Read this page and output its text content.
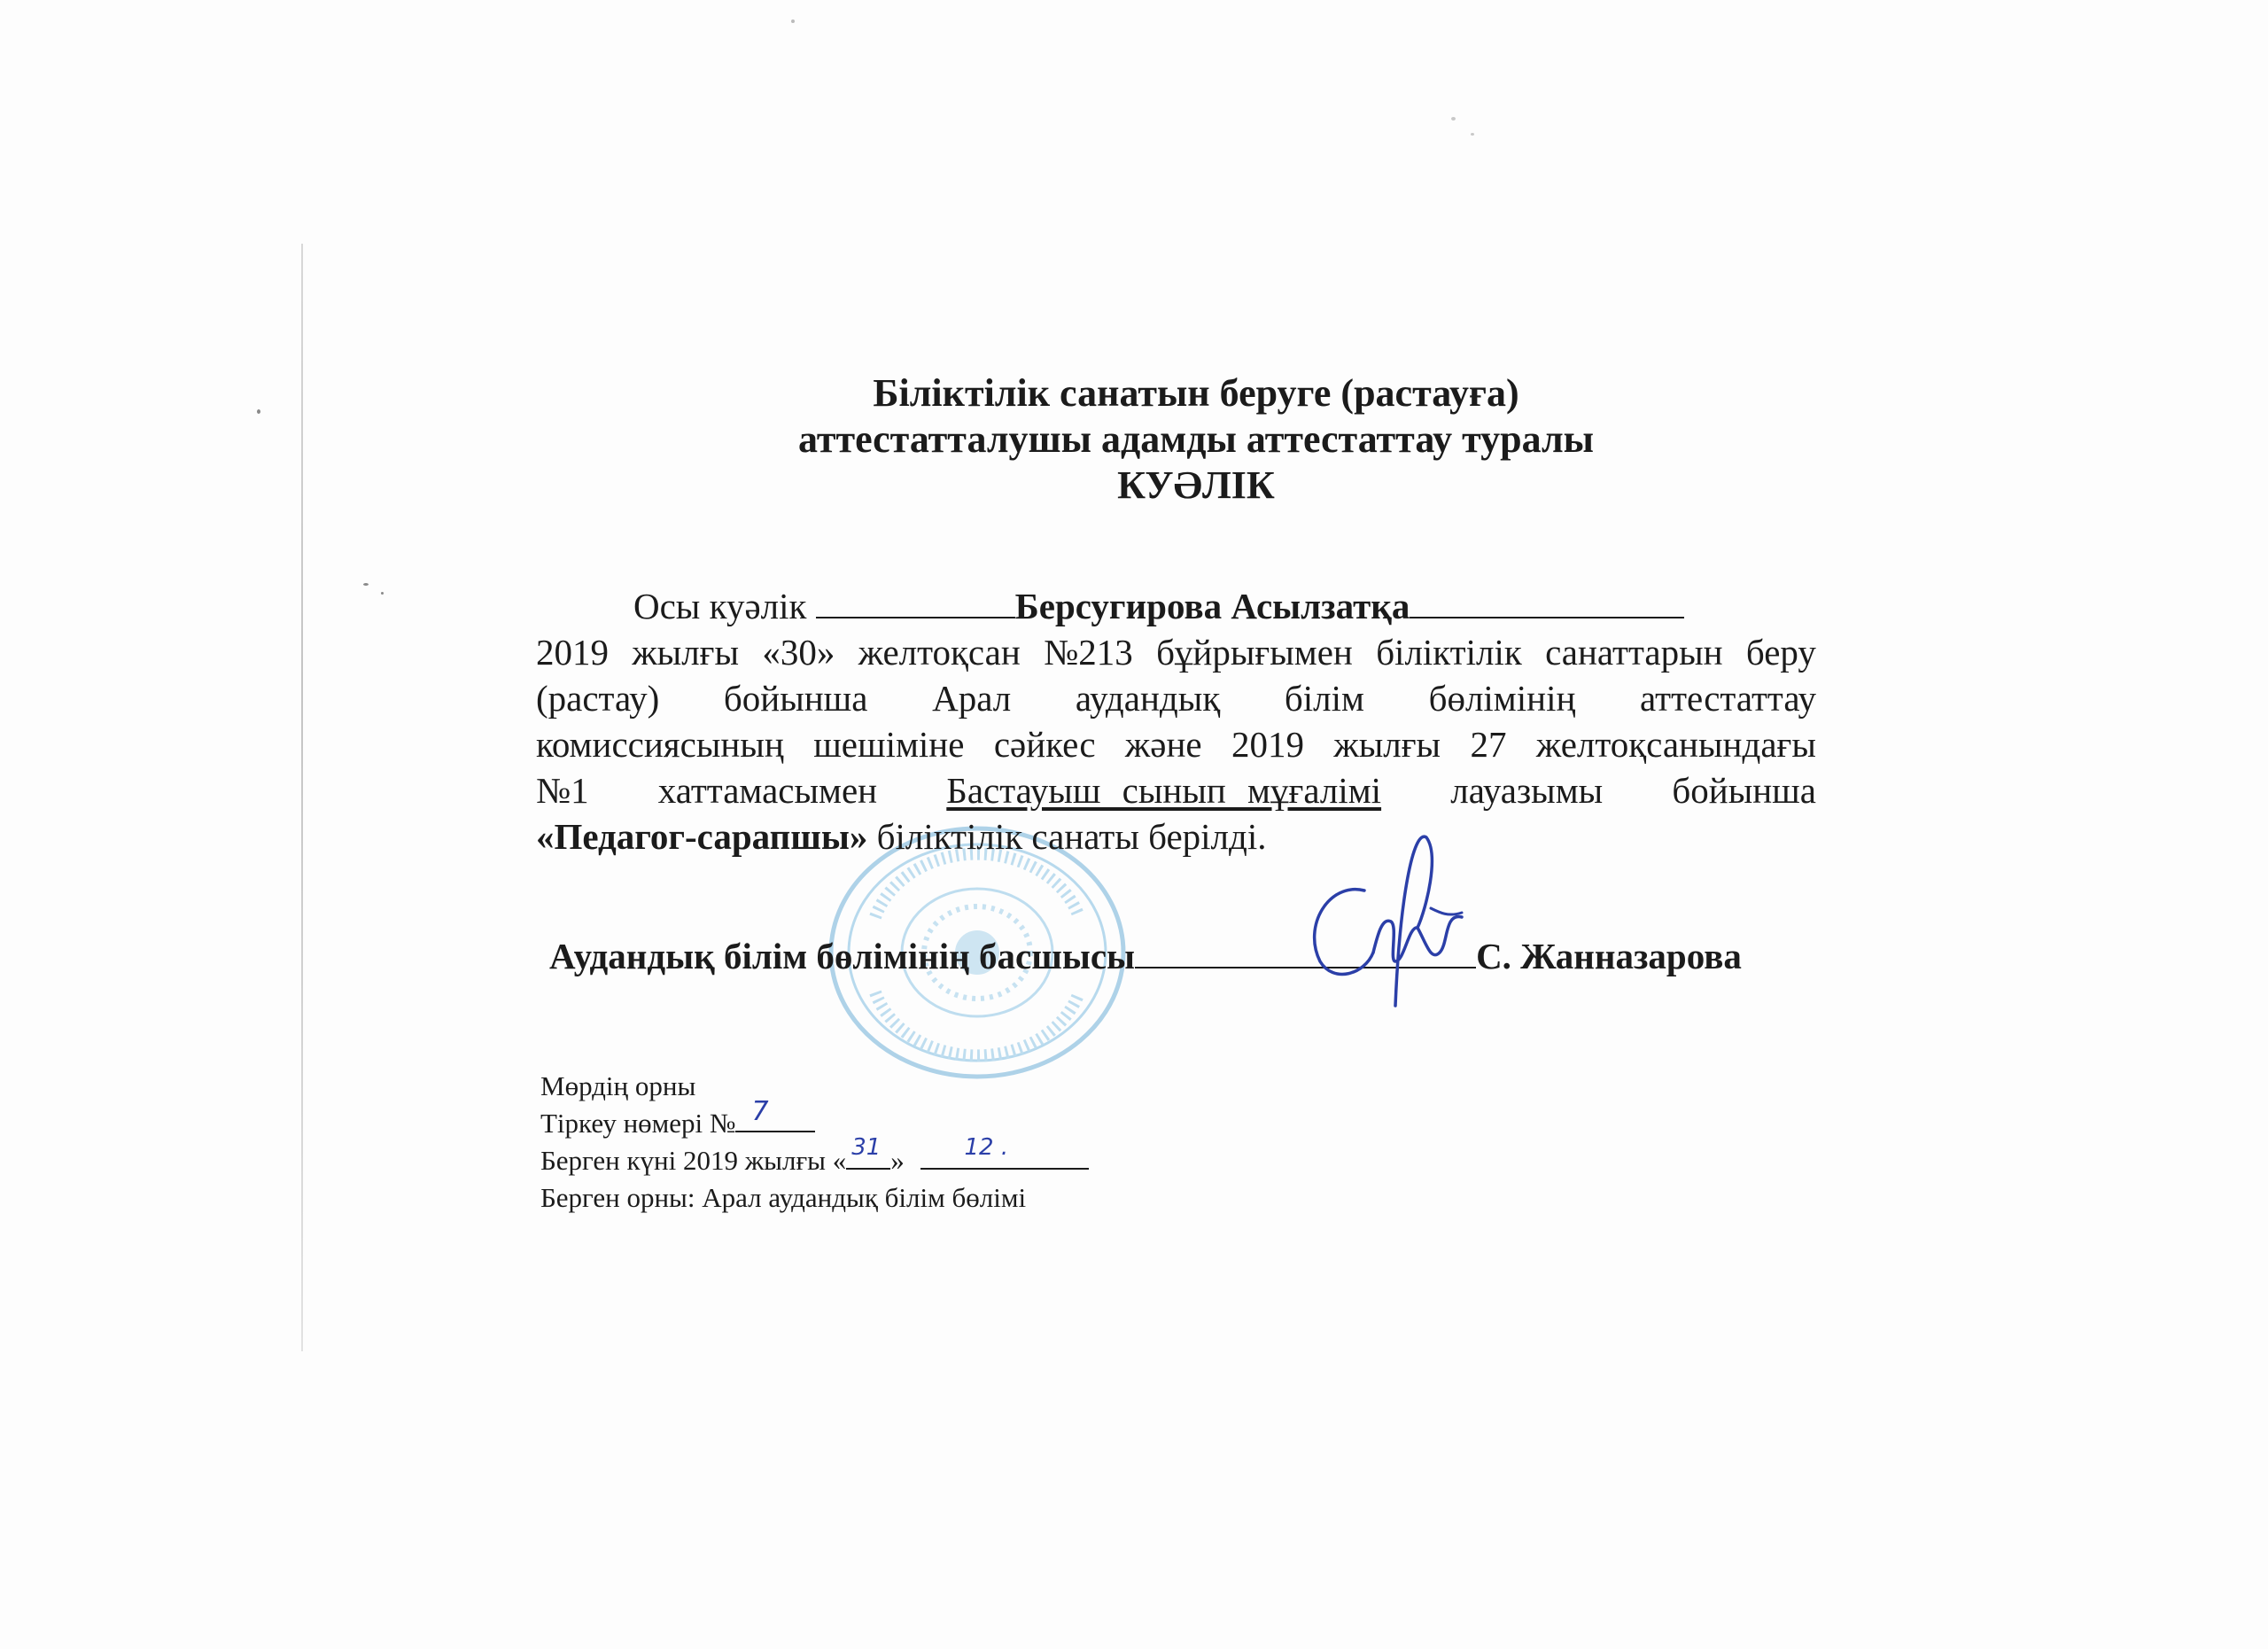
Біліктілік санатын беруге (растауға)
аттестатталушы адамды аттестаттау туралы
КУӘЛІК
Осы куәлік	Берсугирова Асылзатқа
2019 жылғы «30» желтоқсан №213 бұйрығымен біліктілік санаттарын беру
(растау) бойынша Арал аудандық білім бөлімінің аттестаттау
комиссиясының шешіміне сәйкес және 2019 жылғы 27 желтоқсанындағы
№1 хаттамасымен Бастауыш сынып мұғалімі лауазымы бойынша
«Педагог-сарапшы» біліктілік санаты берілді.
Аудандық білім бөлімінің басшысы	С. Жанназарова
Мөрдің орны
Тіркеу нөмері № 7
Берген күні 2019 жылғы « 31 »	12 .
Берген орны: Арал аудандық білім бөлімі
